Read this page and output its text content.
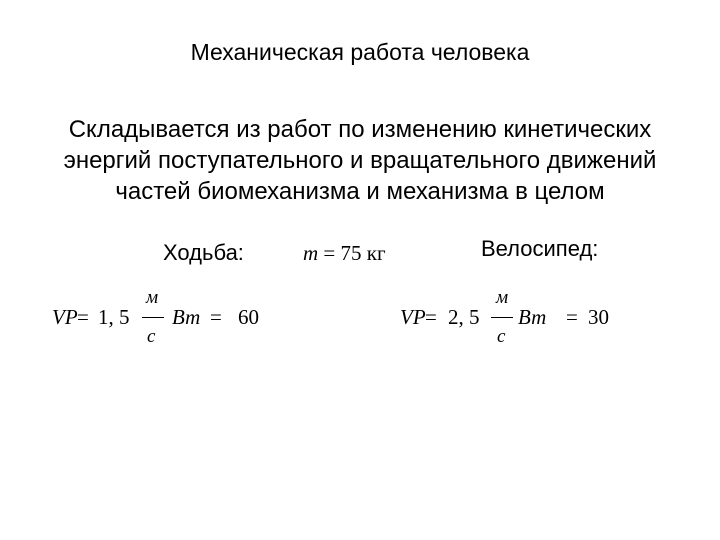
Механическая работа человека
Складывается из работ по изменению кинетических
энергий поступательного и вращательного движений
частей биомеханизма и механизма в целом
Ходьба:	m = 75 кг	Велосипед:
VP = 1, 5 Вт = 60
м
с
VP = 2, 5 Вт = 30
м
с
